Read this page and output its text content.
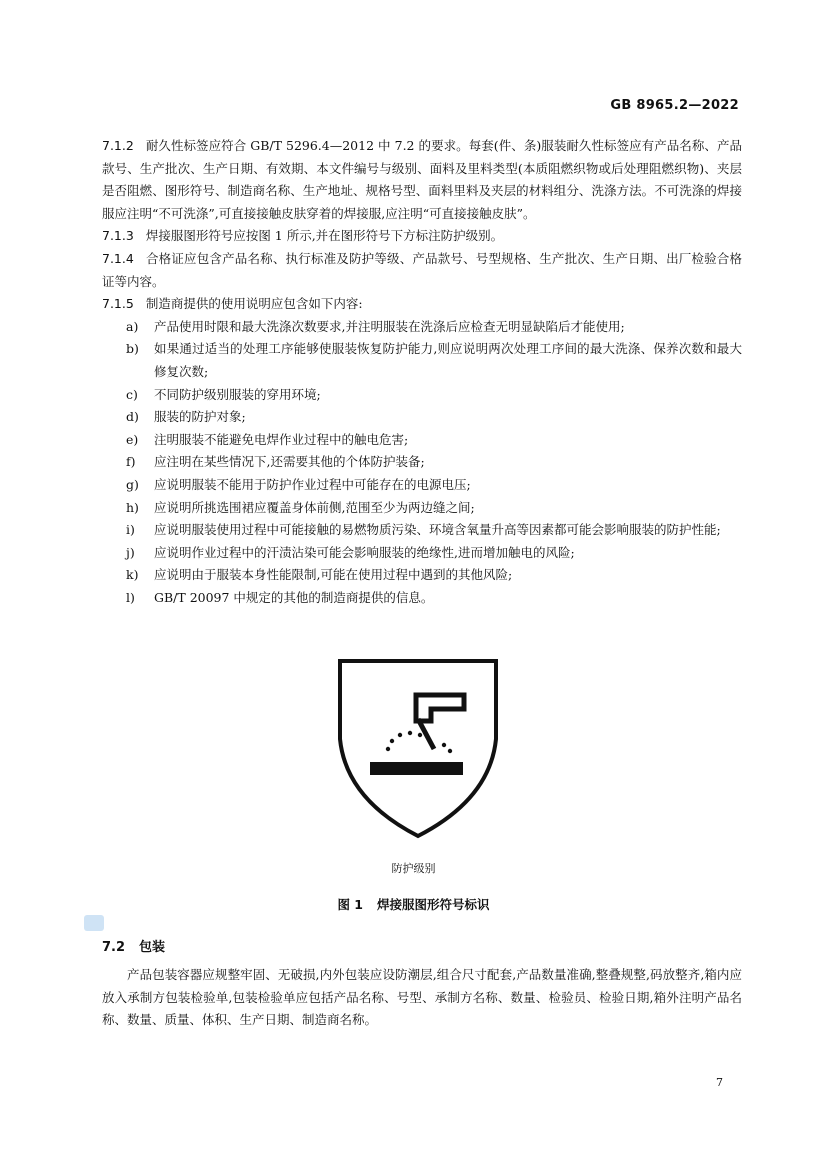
GB 8965.2—2022

7.1.2 耐久性标签应符合 GB/T 5296.4—2012 中 7.2 的要求。每套(件、条)服装耐久性标签应有产品名称、产品款号、生产批次、生产日期、有效期、本文件编号与级别、面料及里料类型(本质阻燃织物或后处理阻燃织物)、夹层是否阻燃、图形符号、制造商名称、生产地址、规格号型、面料里料及夹层的材料组分、洗涤方法。不可洗涤的焊接服应注明“不可洗涤”,可直接接触皮肤穿着的焊接服,应注明“可直接接触皮肤”。

7.1.3 焊接服图形符号应按图 1 所示,并在图形符号下方标注防护级别。

7.1.4 合格证应包含产品名称、执行标准及防护等级、产品款号、号型规格、生产批次、生产日期、出厂检验合格证等内容。

7.1.5 制造商提供的使用说明应包含如下内容:

a)	产品使用时限和最大洗涤次数要求,并注明服装在洗涤后应检查无明显缺陷后才能使用;
b)	如果通过适当的处理工序能够使服装恢复防护能力,则应说明两次处理工序间的最大洗涤、保养次数和最大修复次数;
c)	不同防护级别服装的穿用环境;
d)	服装的防护对象;
e)	注明服装不能避免电焊作业过程中的触电危害;
f)	应注明在某些情况下,还需要其他的个体防护装备;
g)	应说明服装不能用于防护作业过程中可能存在的电源电压;
h)	应说明所挑选围裙应覆盖身体前侧,范围至少为两边缝之间;
i)	应说明服装使用过程中可能接触的易燃物质污染、环境含氧量升高等因素都可能会影响服装的防护性能;
j)	应说明作业过程中的汗渍沾染可能会影响服装的绝缘性,进而增加触电的风险;
k)	应说明由于服装本身性能限制,可能在使用过程中遇到的其他风险;
l)	GB/T 20097 中规定的其他的制造商提供的信息。
防护级别
图 1 焊接服图形符号标识
7.2 包装
产品包装容器应规整牢固、无破损,内外包装应设防潮层,组合尺寸配套,产品数量准确,整叠规整,码放整齐,箱内应放入承制方包装检验单,包装检验单应包括产品名称、号型、承制方名称、数量、检验员、检验日期,箱外注明产品名称、数量、质量、体积、生产日期、制造商名称。
7
